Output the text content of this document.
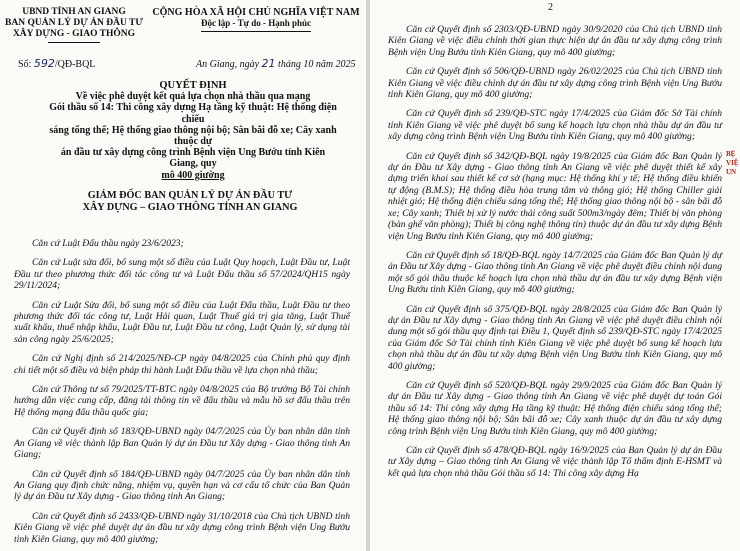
UBND TỈNH AN GIANG
BAN QUẢN LÝ DỰ ÁN ĐẦU TƯ
XÂY DỰNG - GIAO THÔNG
CỘNG HÒA XÃ HỘI CHỦ NGHĨA VIỆT NAM
Độc lập - Tự do - Hạnh phúc
Số: 592/QĐ-BQL	An Giang, ngày 21 tháng 10 năm 2025
QUYẾT ĐỊNH
Về việc phê duyệt kết quả lựa chọn nhà thầu qua mạng
Gói thầu số 14: Thi công xây dựng Hạ tầng kỹ thuật: Hệ thống điện chiếu
sáng tổng thể; Hệ thống giao thông nội bộ; Sân bãi đỗ xe; Cây xanh thuộc dự
án đầu tư xây dựng công trình Bệnh viện Ung Bướu tỉnh Kiên Giang, quy
mô 400 giường
GIÁM ĐỐC BAN QUẢN LÝ DỰ ÁN ĐẦU TƯ
XÂY DỰNG – GIAO THÔNG TỈNH AN GIANG

Căn cứ Luật Đấu thầu ngày 23/6/2023;

Căn cứ Luật sửa đổi, bổ sung một số điều của Luật Quy hoạch, Luật Đầu tư, Luật Đầu tư theo phương thức đối tác công tư và Luật Đấu thầu số 57/2024/QH15 ngày 29/11/2024;

Căn cứ Luật Sửa đổi, bổ sung một số điều của Luật Đấu thầu, Luật Đầu tư theo phương thức đối tác công tư, Luật Hải quan, Luật Thuế giá trị gia tăng, Luật Thuế xuất khẩu, thuế nhập khẩu, Luật Đầu tư, Luật Đầu tư công, Luật Quản lý, sử dụng tài sản công ngày 25/6/2025;

Căn cứ Nghị định số 214/2025/NĐ-CP ngày 04/8/2025 của Chính phủ quy định chi tiết một số điều và biện pháp thi hành Luật Đấu thầu về lựa chọn nhà thầu;

Căn cứ Thông tư số 79/2025/TT-BTC ngày 04/8/2025 của Bộ trưởng Bộ Tài chính hướng dẫn việc cung cấp, đăng tải thông tin về đấu thầu và mẫu hồ sơ đấu thầu trên Hệ thống mạng đấu thầu quốc gia;

Căn cứ Quyết định số 183/QĐ-UBND ngày 04/7/2025 của Ủy ban nhân dân tỉnh An Giang về việc thành lập Ban Quản lý dự án Đầu tư Xây dựng - Giao thông tỉnh An Giang;

Căn cứ Quyết định số 184/QĐ-UBND ngày 04/7/2025 của Ủy ban nhân dân tỉnh An Giang quy định chức năng, nhiệm vụ, quyền hạn và cơ cấu tổ chức của Ban Quản lý dự án Đầu tư Xây dựng - Giao thông tỉnh An Giang;

Căn cứ Quyết định số 2433/QĐ-UBND ngày 31/10/2018 của Chủ tịch UBND tỉnh Kiên Giang về việc phê duyệt dự án đầu tư xây dựng công trình Bệnh viện Ung Bướu tỉnh Kiên Giang, quy mô 400 giường;

2

Căn cứ Quyết định số 2303/QĐ-UBND ngày 30/9/2020 của Chủ tịch UBND tỉnh Kiên Giang về việc điều chỉnh thời gian thực hiện dự án đầu tư xây dựng công trình Bệnh viện Ung Bướu tỉnh Kiên Giang, quy mô 400 giường;

Căn cứ Quyết định số 506/QĐ-UBND ngày 26/02/2025 của Chủ tịch UBND tỉnh Kiên Giang về việc điều chỉnh dự án đầu tư xây dựng công trình Bệnh viện Ung Bướu tỉnh Kiên Giang, quy mô 400 giường;

Căn cứ Quyết định số 239/QĐ-STC ngày 17/4/2025 của Giám đốc Sở Tài chính tỉnh Kiên Giang về việc phê duyệt bổ sung kế hoạch lựa chọn nhà thầu dự án đầu tư xây dựng công trình Bệnh viện Ung Bướu tỉnh Kiên Giang, quy mô 400 giường;

Căn cứ Quyết định số 342/QĐ-BQL ngày 19/8/2025 của Giám đốc Ban Quản lý dự án Đầu tư Xây dựng - Giao thông tỉnh An Giang về việc phê duyệt thiết kế xây dựng triển khai sau thiết kế cơ sở (hạng mục: Hệ thống khí y tế; Hệ thống điều khiển tự động (B.M.S); Hệ thống điều hòa trung tâm và thông gió; Hệ thống Chiller giải nhiệt gió; Hệ thống điện chiếu sáng tổng thể; Hệ thống giao thông nội bộ - sân bãi đỗ xe; Cây xanh; Thiết bị xử lý nước thải công suất 500m3/ngày đêm; Thiết bị văn phòng (bàn ghế văn phòng); Thiết bị công nghệ thông tin) thuộc dự án đầu tư xây dựng Bệnh viện Ung Bướu tỉnh Kiên Giang, quy mô 400 giường;

Căn cứ Quyết định số 18/QĐ-BQL ngày 14/7/2025 của Giám đốc Ban Quản lý dự án Đầu tư Xây dựng - Giao thông tỉnh An Giang về việc phê duyệt điều chỉnh nội dung một số gói thầu thuộc kế hoạch lựa chọn nhà thầu dự án đầu tư xây dựng Bệnh viện Ung Bướu tỉnh Kiên Giang, quy mô 400 giường;

Căn cứ Quyết định số 375/QĐ-BQL ngày 28/8/2025 của Giám đốc Ban Quản lý dự án Đầu tư Xây dựng - Giao thông tỉnh An Giang về việc phê duyệt điều chỉnh nội dung một số gói thầu quy định tại Điều 1, Quyết định số 239/QĐ-STC ngày 17/4/2025 của Giám đốc Sở Tài chính tỉnh Kiên Giang về việc phê duyệt bổ sung kế hoạch lựa chọn nhà thầu dự án đầu tư xây dựng Bệnh viện Ung Bướu tỉnh Kiên Giang, quy mô 400 giường;

Căn cứ Quyết định số 520/QĐ-BQL ngày 29/9/2025 của Giám đốc Ban Quản lý dự án Đầu tư Xây dựng - Giao thông tỉnh An Giang về việc phê duyệt dự toán Gói thầu số 14: Thi công xây dựng Hạ tầng kỹ thuật: Hệ thống điện chiếu sáng tổng thể; Hệ thống giao thông nội bộ; Sân bãi đỗ xe; Cây xanh thuộc dự án đầu tư xây dựng công trình Bệnh viện Ung Bướu tỉnh Kiên Giang, quy mô 400 giường;

Căn cứ Quyết định số 478/QĐ-BQL ngày 16/9/2025 của Ban Quản lý dự án Đầu tư Xây dựng – Giao thông tỉnh An Giang về việc thành lập Tổ thẩm định E-HSMT và kết quả lựa chọn nhà thầu Gói thầu số 14: Thi công xây dựng Hạ

BỆ
VIỆ
UN
